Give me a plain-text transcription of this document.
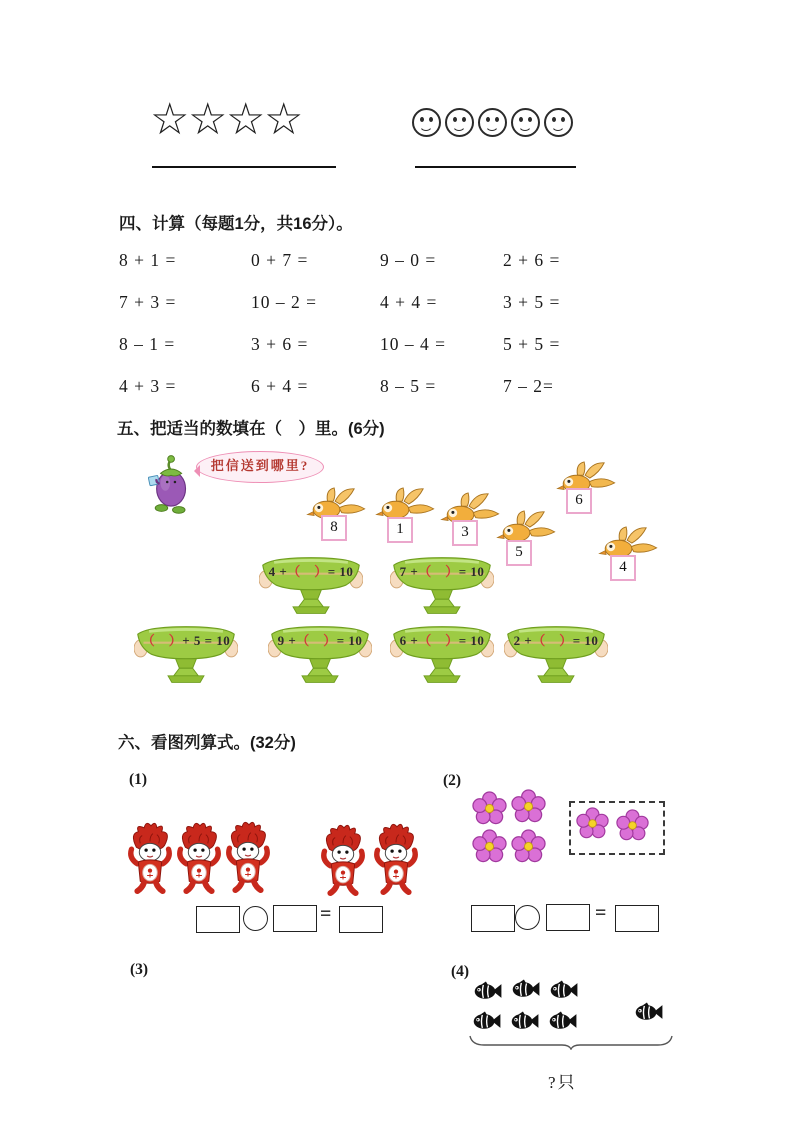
☆
☆
☆
☆
四、计算（每题1分，共16分）。
8 + 1 =	0 + 7 =	9 – 0 =	2 + 6 =
7 + 3 =	10 – 2 =	4 + 4 =	3 + 5 =
8 – 1 =	3 + 6 =	10 – 4 =	5 + 5 =
4 + 3 =	6 + 4 =	8 – 5 =	7 – 2=
五、把适当的数填在（　）里。(6分)
把信送到哪里?
8	1	3
5
6
4
4 +（　）= 10	7 +（　）= 10
（　）+ 5 = 10	9 +（　）= 10	6 +（　）= 10	2 +（　）= 10
六、看图列算式。(32分)
(1)	(2)
(3)	(4)
=	=
?只
